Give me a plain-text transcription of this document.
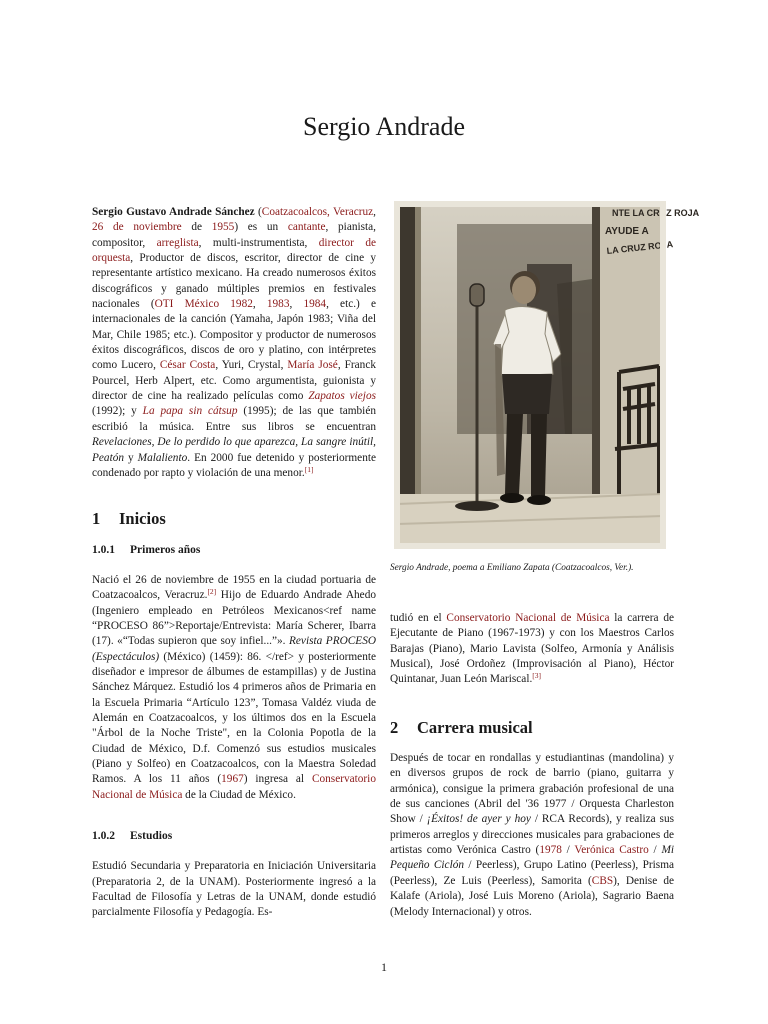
Sergio Andrade

Sergio Gustavo Andrade Sánchez (Coatzacoalcos, Veracruz, 26 de noviembre de 1955) es un cantante, pianista, compositor, arreglista, multi-instrumentista, director de orquesta, Productor de discos, escritor, director de cine y representante artístico mexicano. Ha creado numerosos éxitos discográficos y ganado múltiples premios en festivales nacionales (OTI México 1982, 1983, 1984, etc.) e internacionales de la canción (Yamaha, Japón 1983; Viña del Mar, Chile 1985; etc.). Compositor y productor de numerosos éxitos discográficos, discos de oro y platino, con intérpretes como Lucero, César Costa, Yuri, Crystal, María José, Franck Pourcel, Herb Alpert, etc. Como argumentista, guionista y director de cine ha realizado películas como Zapatos viejos (1992); y La papa sin cátsup (1995); de las que también escribió la música. Entre sus libros se encuentran Revelaciones, De lo perdido lo que aparezca, La sangre inútil, Peatón y Malaliento. En 2000 fue detenido y posteriormente condenado por rapto y violación de una menor.[1]

1 Inicios
1.0.1 Primeros años

Nació el 26 de noviembre de 1955 en la ciudad portuaria de Coatzacoalcos, Veracruz.[2] Hijo de Eduardo Andrade Ahedo (Ingeniero empleado en Petróleos Mexicanos<ref name “PROCESO 86”>Reportaje/Entrevista: María Scherer, Ibarra (17). «“Todas supieron que soy infiel...”». Revista PROCESO (Espectáculos) (México) (1459): 86. </ref> y posteriormente diseñador e impresor de álbumes de estampillas) y de Justina Sánchez Márquez. Estudió los 4 primeros años de Primaria en la Escuela Primaria “Artículo 123”, Tomasa Valdéz viuda de Alemán en Coatzacoalcos, y los últimos dos en la Escuela "Árbol de la Noche Triste", en la Colonia Popotla de la Ciudad de México, D.f. Comenzó sus estudios musicales (Piano y Solfeo) en Coatzacoalcos, con la Maestra Soledad Ramos. A los 11 años (1967) ingresa al Conservatorio Nacional de Música de la Ciudad de México.

1.0.2 Estudios

Estudió Secundaria y Preparatoria en Iniciación Universitaria (Preparatoria 2, de la UNAM). Posteriormente ingresó a la Facultad de Filosofía y Letras de la UNAM, donde estudió parcialmente Filosofía y Pedagogía. Es-

NTE LA CRUZ ROJA
AYUDE A
LA CRUZ ROJA

Sergio Andrade, poema a Emiliano Zapata (Coatzacoalcos, Ver.).

tudió en el Conservatorio Nacional de Música la carrera de Ejecutante de Piano (1967-1973) y con los Maestros Carlos Barajas (Piano), Mario Lavista (Solfeo, Armonía y Análisis Musical), José Ordoñez (Improvisación al Piano), Héctor Quintanar, Juan León Mariscal.[3]

2 Carrera musical

Después de tocar en rondallas y estudiantinas (mandolina) y en diversos grupos de rock de barrio (piano, guitarra y armónica), consigue la primera grabación profesional de una de sus canciones (Abril del '36 1977 / Orquesta Charleston Show / ¡Éxitos! de ayer y hoy / RCA Records), y realiza sus primeros arreglos y direcciones musicales para grabaciones de artistas como Verónica Castro (1978 / Verónica Castro / Mi Pequeño Ciclón / Peerless), Grupo Latino (Peerless), Prisma (Peerless), Ze Luis (Peerless), Samorita (CBS), Denise de Kalafe (Ariola), José Luis Moreno (Ariola), Sagrario Baena (Melody Internacional) y otros.

1
